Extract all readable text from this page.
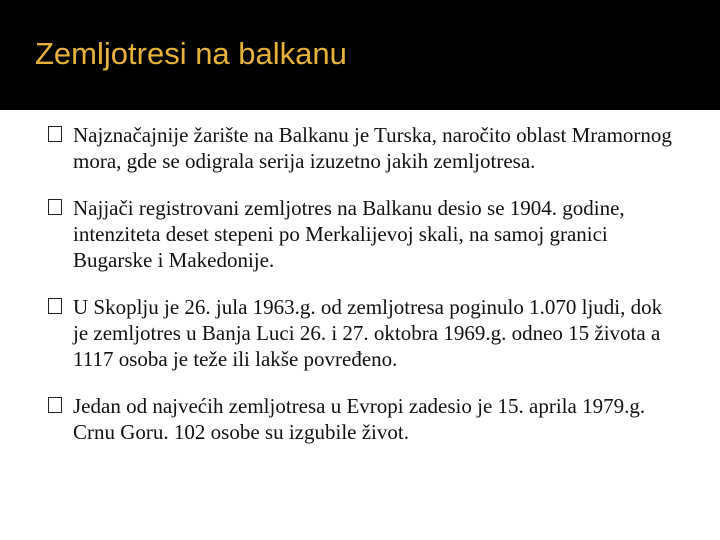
Zemljotresi na balkanu
Najznačajnije žarište na Balkanu je Turska, naročito oblast Mramornog mora, gde se odigrala serija izuzetno jakih zemljotresa.
Najjači registrovani zemljotres na Balkanu desio se 1904. godine, intenziteta deset stepeni po Merkalijevoj skali, na samoj granici Bugarske i Makedonije.
U Skoplju je 26. jula 1963.g. od zemljotresa poginulo 1.070 ljudi, dok je zemljotres u Banja Luci 26. i 27. oktobra 1969.g. odneo 15 života a 1117 osoba je teže ili lakše povređeno.
Jedan od najvećih zemljotresa u Evropi zadesio je 15. aprila 1979.g. Crnu Goru. 102 osobe su izgubile život.
